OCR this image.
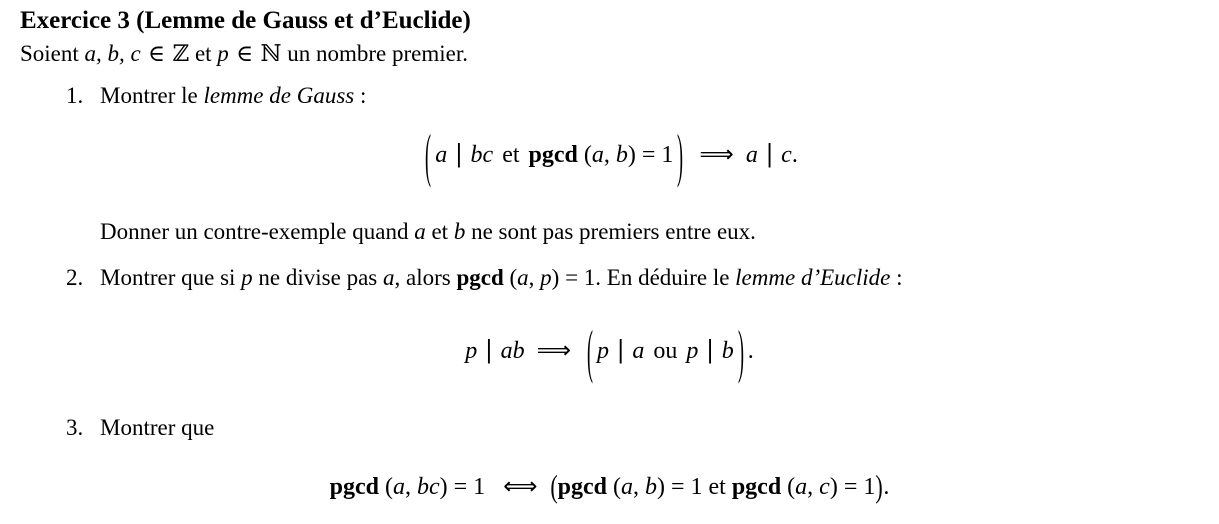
Exercice 3 (Lemme de Gauss et d’Euclide)

Soient a, b, c ∈ ℤ et p ∈ ℕ un nombre premier.

1. Montrer le lemme de Gauss :

( a | bc et pgcd (a, b) = 1 ) ⟹ a | c.

Donner un contre-exemple quand a et b ne sont pas premiers entre eux.

2. Montrer que si p ne divise pas a, alors pgcd (a, p) = 1. En déduire le lemme d’Euclide :

p | ab ⟹ ( p | a ou p | b ) .

3. Montrer que

pgcd (a, bc) = 1 ⟺ (pgcd (a, b) = 1 et pgcd (a, c) = 1).
